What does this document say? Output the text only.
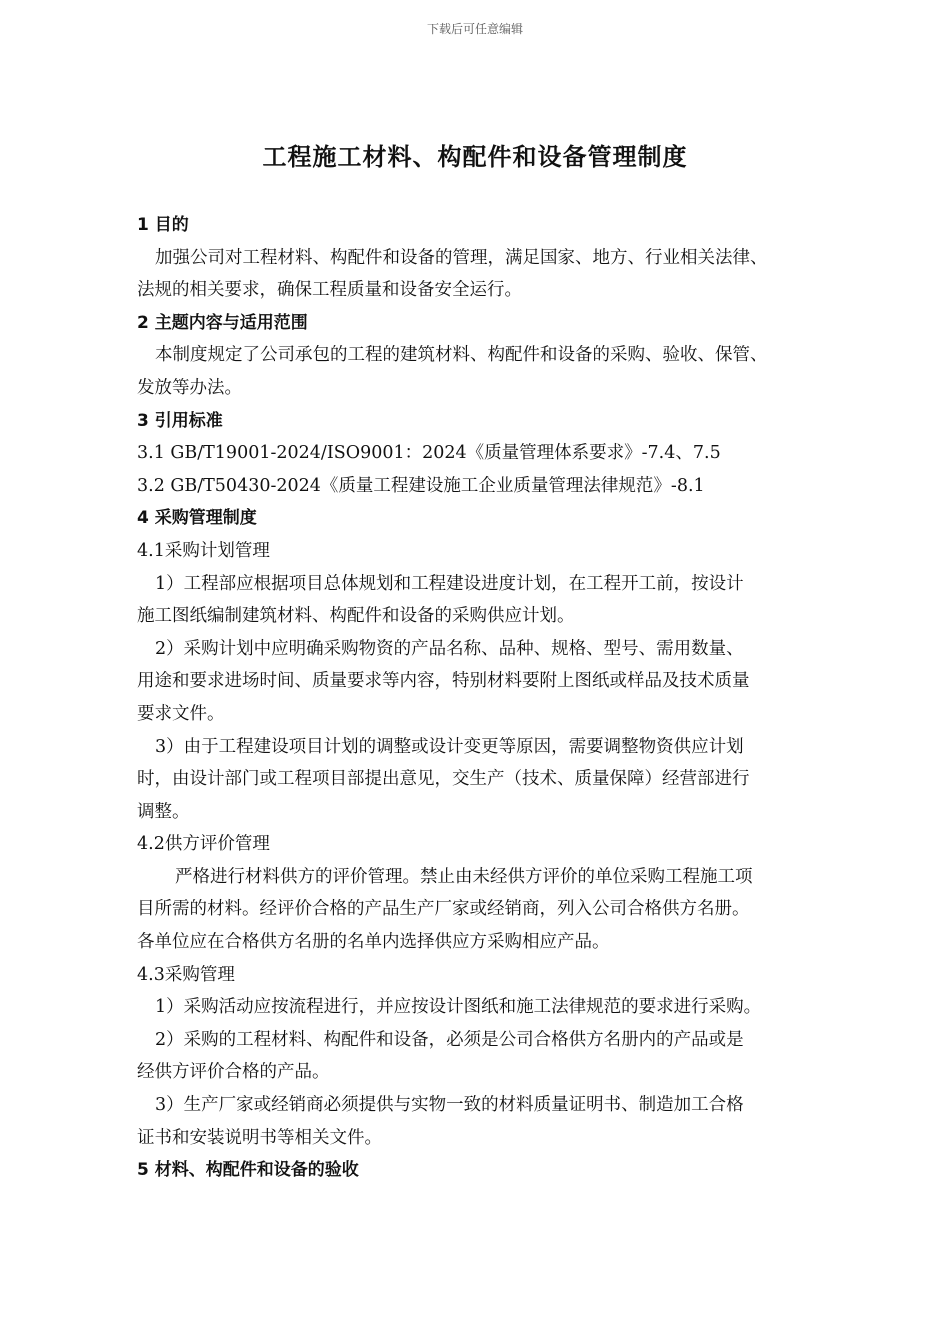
下载后可任意编辑
工程施工材料、构配件和设备管理制度
1 目的
加强公司对工程材料、构配件和设备的管理，满足国家、地方、行业相关法律、
法规的相关要求，确保工程质量和设备安全运行。
2 主题内容与适用范围
本制度规定了公司承包的工程的建筑材料、构配件和设备的采购、验收、保管、
发放等办法。
3 引用标准
3.1 GB/T19001-2024/ISO9001：2024《质量管理体系要求》-7.4、7.5
3.2 GB/T50430-2024《质量工程建设施工企业质量管理法律规范》-8.1
4 采购管理制度
4.1采购计划管理
1）工程部应根据项目总体规划和工程建设进度计划，在工程开工前，按设计
施工图纸编制建筑材料、构配件和设备的采购供应计划。
2）采购计划中应明确采购物资的产品名称、品种、规格、型号、需用数量、
用途和要求进场时间、质量要求等内容，特别材料要附上图纸或样品及技术质量
要求文件。
3）由于工程建设项目计划的调整或设计变更等原因，需要调整物资供应计划
时，由设计部门或工程项目部提出意见，交生产（技术、质量保障）经营部进行
调整。
4.2供方评价管理
严格进行材料供方的评价管理。禁止由未经供方评价的单位采购工程施工项
目所需的材料。经评价合格的产品生产厂家或经销商，列入公司合格供方名册。
各单位应在合格供方名册的名单内选择供应方采购相应产品。
4.3采购管理
1）采购活动应按流程进行，并应按设计图纸和施工法律规范的要求进行采购。
2）采购的工程材料、构配件和设备，必须是公司合格供方名册内的产品或是
经供方评价合格的产品。
3）生产厂家或经销商必须提供与实物一致的材料质量证明书、制造加工合格
证书和安装说明书等相关文件。
5 材料、构配件和设备的验收
